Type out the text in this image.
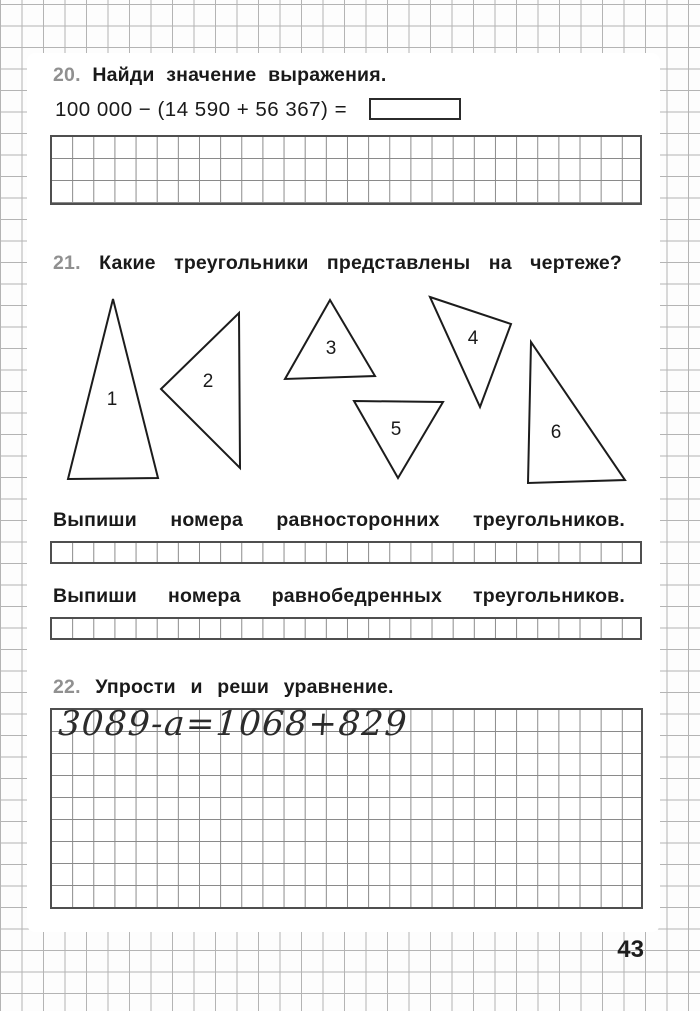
20. Найди значение выражения.
100 000 − (14 590 + 56 367) =
21. Какие треугольники представлены на чертеже?
1
2
3	4
5	6
Выпиши номера равносторонних треугольников.
Выпиши номера равнобедренных треугольников.
22. Упрости и реши уравнение.
3089-a=1068+829
43
